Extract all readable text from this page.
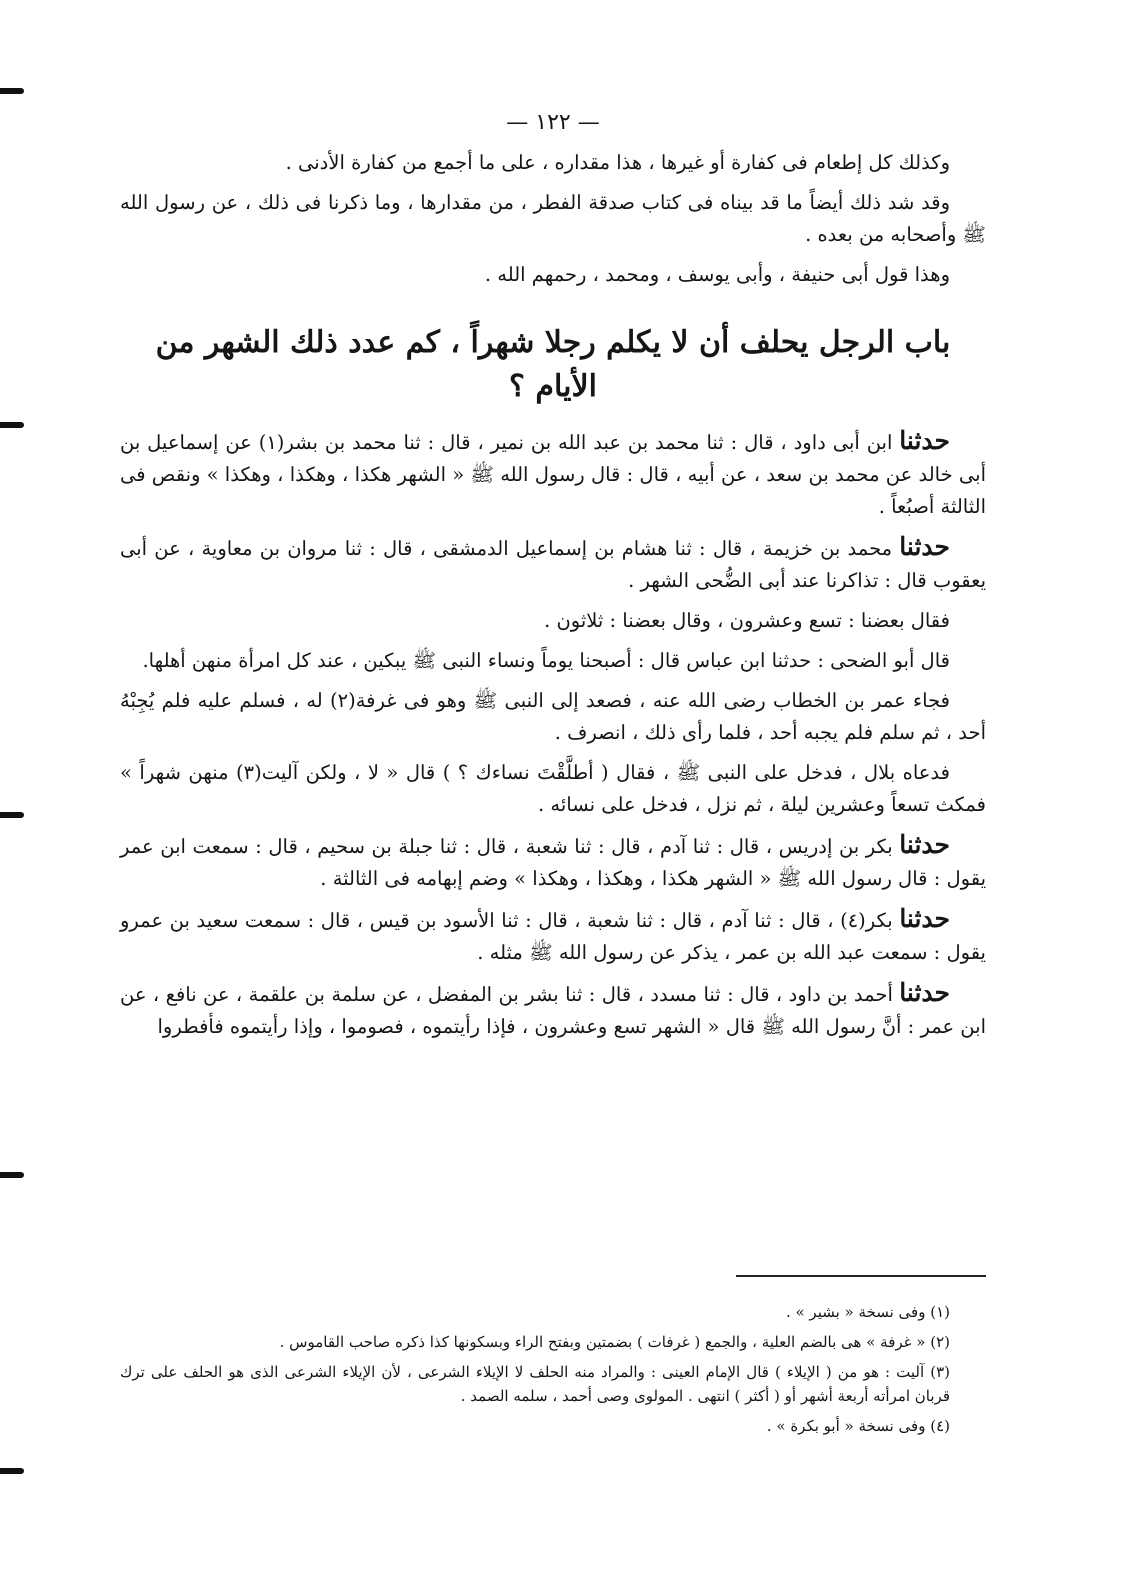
— ١٢٢ —

وكذلك كل إطعام فى كفارة أو غيرها ، هذا مقداره ، على ما أجمع من كفارة الأدنى .

وقد شد ذلك أيضاً ما قد بيناه فى كتاب صدقة الفطر ، من مقدارها ، وما ذكرنا فى ذلك ، عن رسول الله ﷺ وأصحابه من بعده .

وهذا قول أبى حنيفة ، وأبى يوسف ، ومحمد ، رحمهم الله .

باب الرجل يحلف أن لا يكلم رجلا شهراً ، كم عدد ذلك الشهر من الأيام ؟

حدثنا ابن أبى داود ، قال : ثنا محمد بن عبد الله بن نمير ، قال : ثنا محمد بن بشر(١) عن إسماعيل بن أبى خالد عن محمد بن سعد ، عن أبيه ، قال : قال رسول الله ﷺ « الشهر هكذا ، وهكذا ، وهكذا » ونقص فى الثالثة أصبُعاً .

حدثنا محمد بن خزيمة ، قال : ثنا هشام بن إسماعيل الدمشقى ، قال : ثنا مروان بن معاوية ، عن أبى يعقوب قال : تذاكرنا عند أبى الضُّحى الشهر .

فقال بعضنا : تسع وعشرون ، وقال بعضنا : ثلاثون .

قال أبو الضحى : حدثنا ابن عباس قال : أصبحنا يوماً ونساء النبى ﷺ يبكين ، عند كل امرأة منهن أهلها.

فجاء عمر بن الخطاب رضى الله عنه ، فصعد إلى النبى ﷺ وهو فى غرفة(٢) له ، فسلم عليه فلم يُجِبْهُ أحد ، ثم سلم فلم يجبه أحد ، فلما رأى ذلك ، انصرف .

فدعاه بلال ، فدخل على النبى ﷺ ، فقال ( أطلَّقْتَ نساءك ؟ ) قال « لا ، ولكن آليت(٣) منهن شهراً » فمكث تسعاً وعشرين ليلة ، ثم نزل ، فدخل على نسائه .

حدثنا بكر بن إدريس ، قال : ثنا آدم ، قال : ثنا شعبة ، قال : ثنا جبلة بن سحيم ، قال : سمعت ابن عمر يقول : قال رسول الله ﷺ « الشهر هكذا ، وهكذا ، وهكذا » وضم إبهامه فى الثالثة .

حدثنا بكر(٤) ، قال : ثنا آدم ، قال : ثنا شعبة ، قال : ثنا الأسود بن قيس ، قال : سمعت سعيد بن عمرو يقول : سمعت عبد الله بن عمر ، يذكر عن رسول الله ﷺ مثله .

حدثنا أحمد بن داود ، قال : ثنا مسدد ، قال : ثنا بشر بن المفضل ، عن سلمة بن علقمة ، عن نافع ، عن ابن عمر : أنَّ رسول الله ﷺ قال « الشهر تسع وعشرون ، فإذا رأيتموه ، فصوموا ، وإذا رأيتموه فأفطروا

(١) وفى نسخة « بشير » .

(٢) « غرفة » هى بالضم العلية ، والجمع ( غرفات ) بضمتين وبفتح الراء وبسكونها كذا ذكره صاحب القاموس .

(٣) آليت : هو من ( الإيلاء ) قال الإمام العينى : والمراد منه الحلف لا الإيلاء الشرعى ، لأن الإيلاء الشرعى الذى هو الحلف على ترك قربان امرأته أربعة أشهر أو ( أكثر ) انتهى . المولوى وصى أحمد ، سلمه الصمد .

(٤) وفى نسخة « أبو بكرة » .
